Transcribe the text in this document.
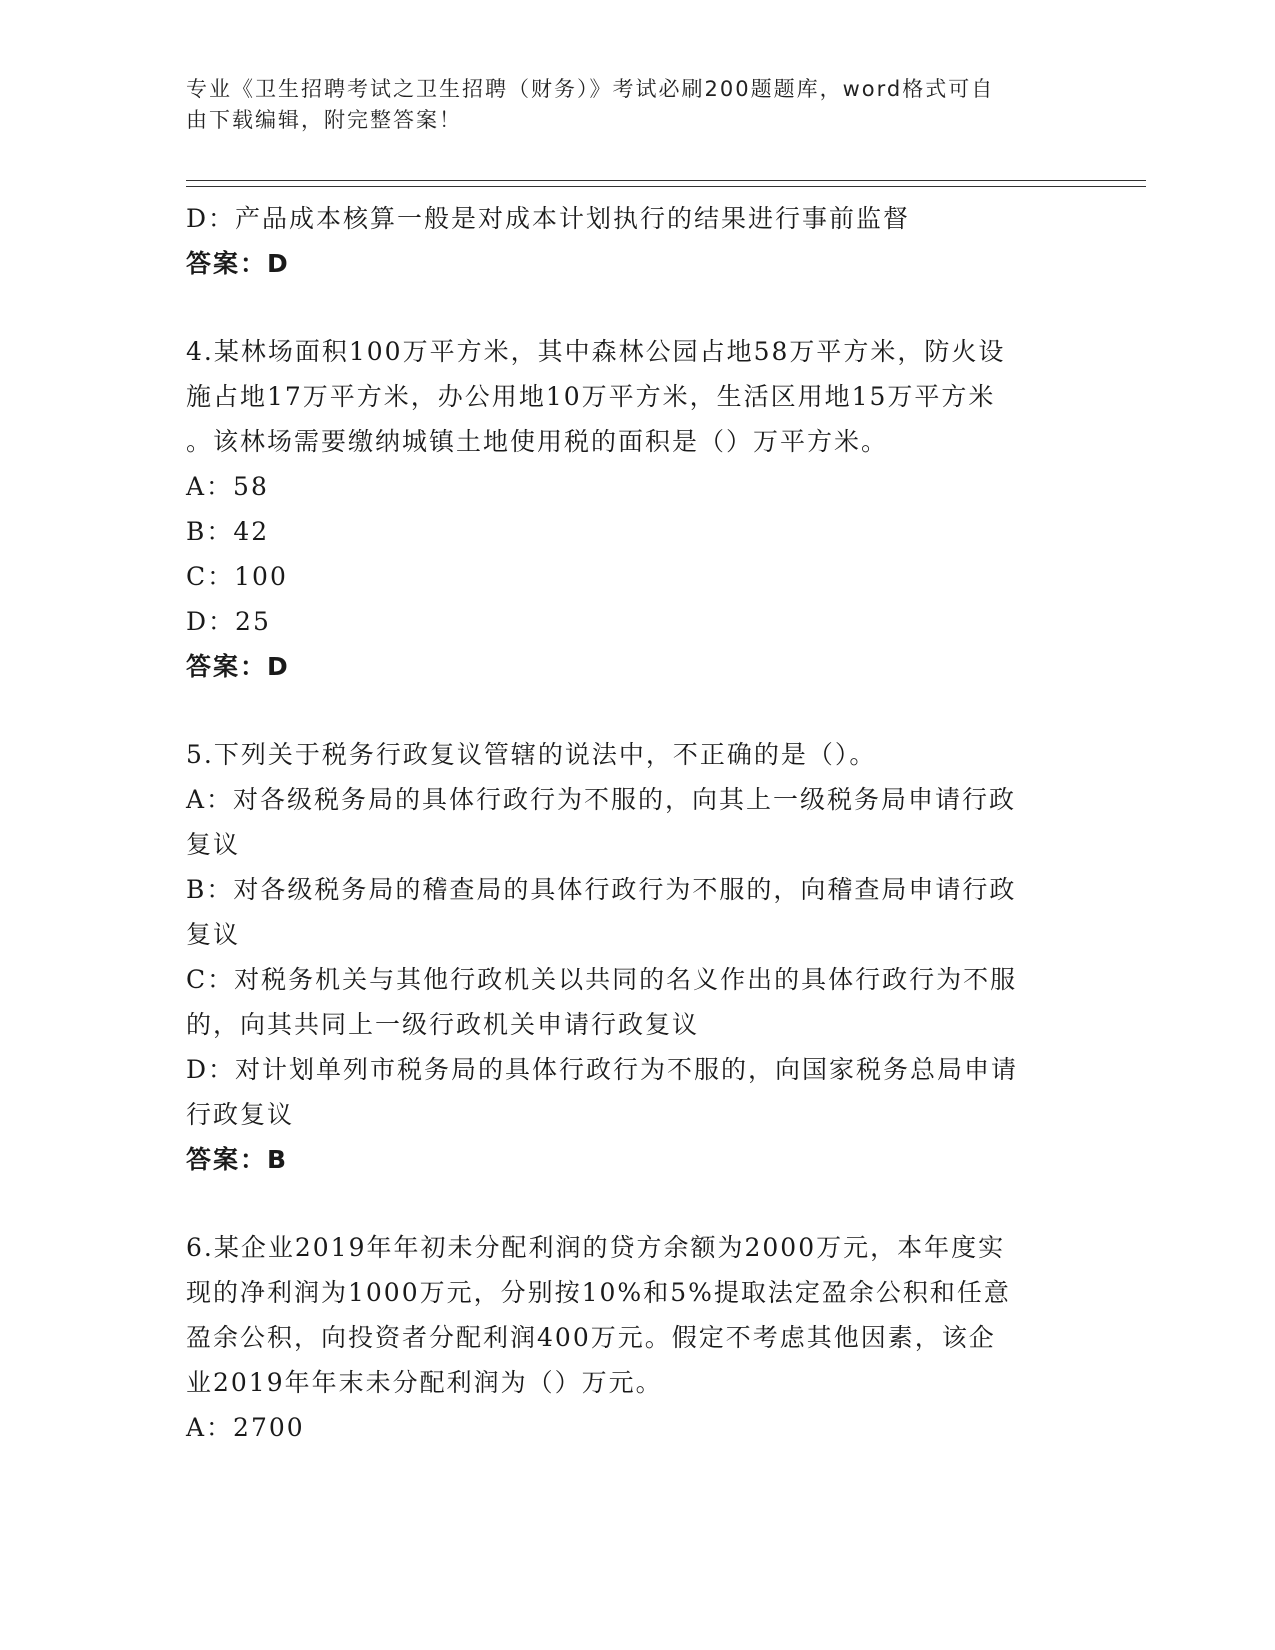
专业《卫生招聘考试之卫生招聘（财务）》考试必刷200题题库，word格式可自
由下载编辑，附完整答案！
D：产品成本核算一般是对成本计划执行的结果进行事前监督
答案：D
4.某林场面积100万平方米，其中森林公园占地58万平方米，防火设
施占地17万平方米，办公用地10万平方米，生活区用地15万平方米
。该林场需要缴纳城镇土地使用税的面积是（）万平方米。
A：58
B：42
C：100
D：25
答案：D
5.下列关于税务行政复议管辖的说法中，不正确的是（）。
A：对各级税务局的具体行政行为不服的，向其上一级税务局申请行政
复议
B：对各级税务局的稽查局的具体行政行为不服的，向稽查局申请行政
复议
C：对税务机关与其他行政机关以共同的名义作出的具体行政行为不服
的，向其共同上一级行政机关申请行政复议
D：对计划单列市税务局的具体行政行为不服的，向国家税务总局申请
行政复议
答案：B
6.某企业2019年年初未分配利润的贷方余额为2000万元，本年度实
现的净利润为1000万元，分别按10%和5%提取法定盈余公积和任意
盈余公积，向投资者分配利润400万元。假定不考虑其他因素，该企
业2019年年末未分配利润为（）万元。
A：2700
